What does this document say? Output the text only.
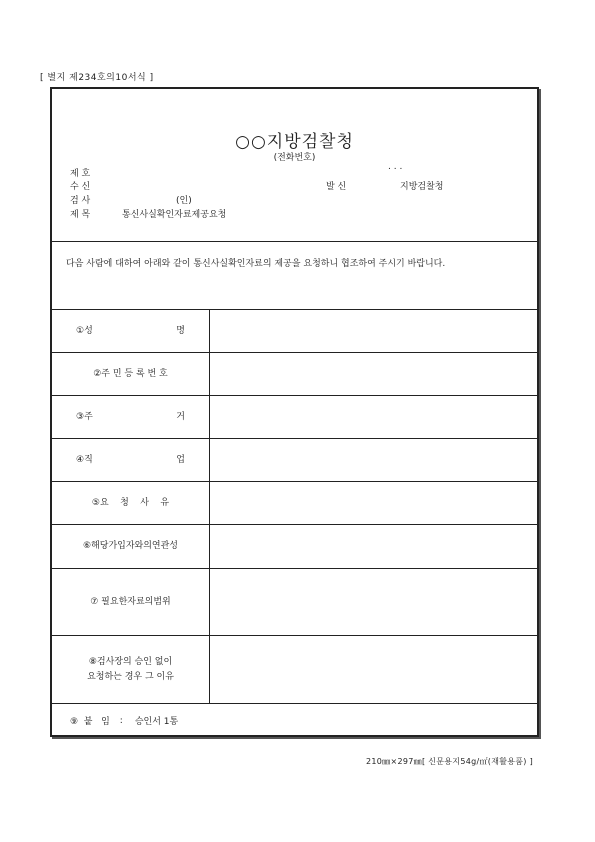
[ 별지 제234호의10서식 ]
○○지방검찰청
(전화번호)
제 호
. . .
수 신	발 신	지방검찰청
검 사	(인)
제 목	통신사실확인자료제공요청
다음 사람에 대하여 아래와 같이 통신사실확인자료의 제공을 요청하니 협조하여 주시기 바랍니다.
①성	명
②주 민 등 록 번 호
③주	거
④직	업
⑤요    청    사    유
⑥해당가입자와의연관성
⑦ 필요한자료의범위
⑧검사장의 승인 없이
요청하는 경우 그 이유
⑨  붙   임 : 승인서 1통
210㎜×297㎜[ 신문용지54g/㎡(재활용품) ]
